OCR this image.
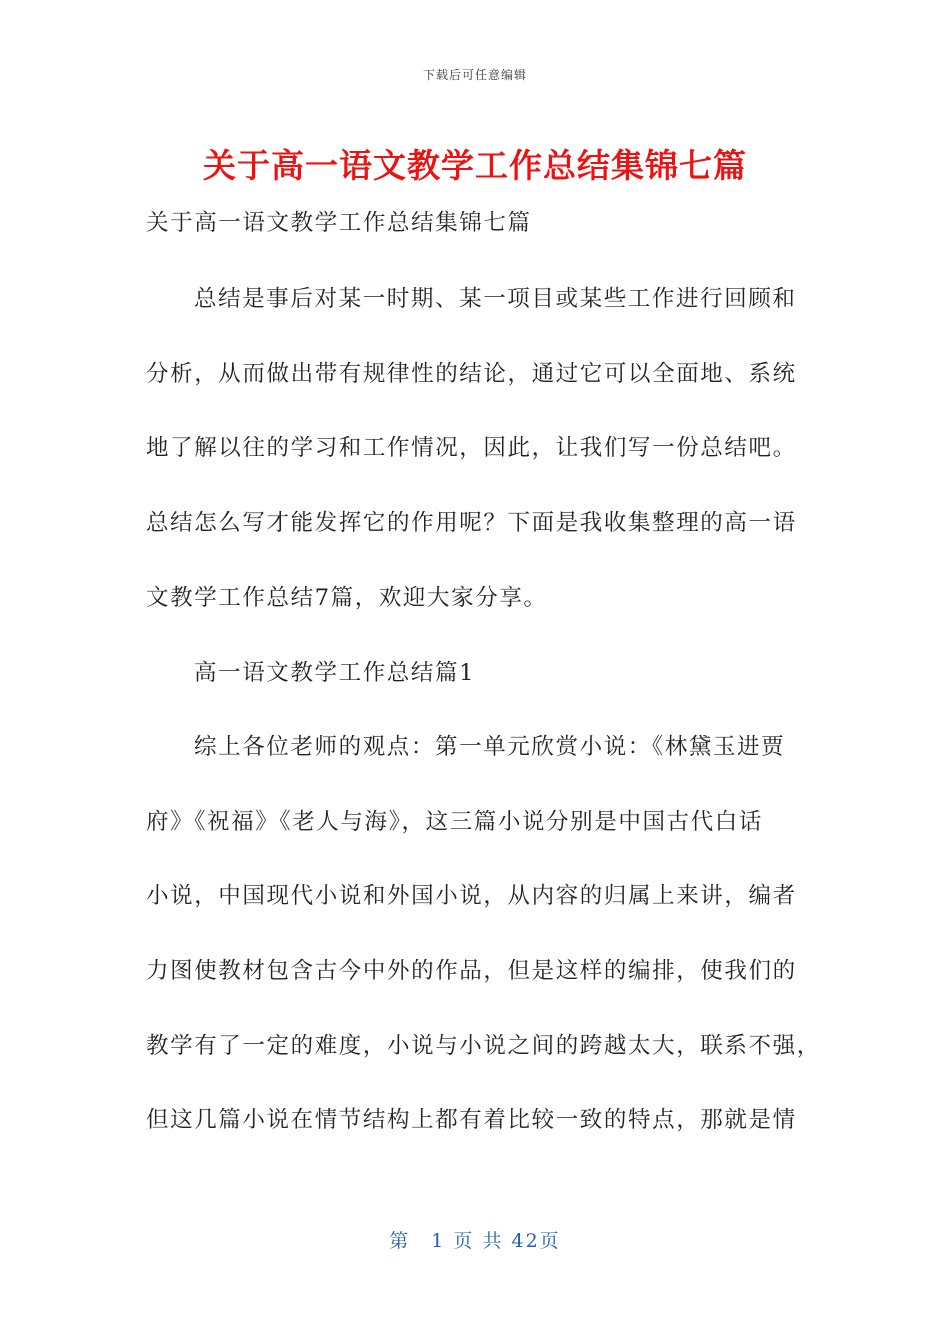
下载后可任意编辑
关于高一语文教学工作总结集锦七篇
关于高一语文教学工作总结集锦七篇
总结是事后对某一时期、某一项目或某些工作进行回顾和
分析，从而做出带有规律性的结论，通过它可以全面地、系统
地了解以往的学习和工作情况，因此，让我们写一份总结吧。
总结怎么写才能发挥它的作用呢？下面是我收集整理的高一语
文教学工作总结7篇，欢迎大家分享。
高一语文教学工作总结篇1
综上各位老师的观点：第一单元欣赏小说：《林黛玉进贾
府》《祝福》《老人与海》，这三篇小说分别是中国古代白话
小说，中国现代小说和外国小说，从内容的归属上来讲，编者
力图使教材包含古今中外的作品，但是这样的编排，使我们的
教学有了一定的难度，小说与小说之间的跨越太大，联系不强，
但这几篇小说在情节结构上都有着比较一致的特点，那就是情
第　1 页 共 42页
